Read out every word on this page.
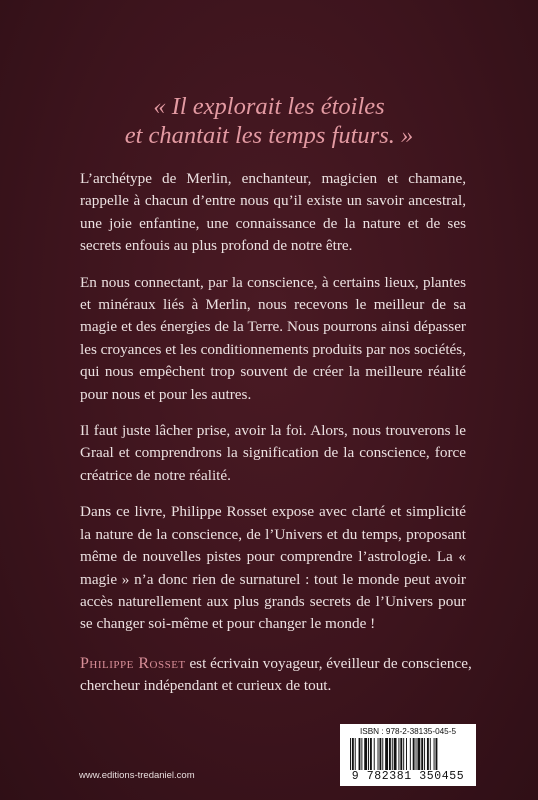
« Il explorait les étoiles
et chantait les temps futurs. »

L’archétype de Merlin, enchanteur, magicien et chamane, rappelle à chacun d’entre nous qu’il existe un savoir ancestral, une joie enfantine, une connaissance de la nature et de ses secrets enfouis au plus profond de notre être.

En nous connectant, par la conscience, à certains lieux, plantes et minéraux liés à Merlin, nous recevons le meilleur de sa magie et des énergies de la Terre. Nous pourrons ainsi dépasser les croyances et les conditionnements produits par nos sociétés, qui nous empêchent trop souvent de créer la meilleure réalité pour nous et pour les autres.

Il faut juste lâcher prise, avoir la foi. Alors, nous trouverons le Graal et comprendrons la signification de la conscience, force créatrice de notre réalité.

Dans ce livre, Philippe Rosset expose avec clarté et simplicité la nature de la conscience, de l’Univers et du temps, proposant même de nouvelles pistes pour comprendre l’astrologie. La « magie » n’a donc rien de surnaturel : tout le monde peut avoir accès naturellement aux plus grands secrets de l’Univers pour se changer soi-même et pour changer le monde !

Philippe Rosset est écrivain voyageur, éveilleur de conscience, chercheur indépendant et curieux de tout.
www.editions-tredaniel.com
ISBN : 978-2-38135-045-5
9 782381 350455
